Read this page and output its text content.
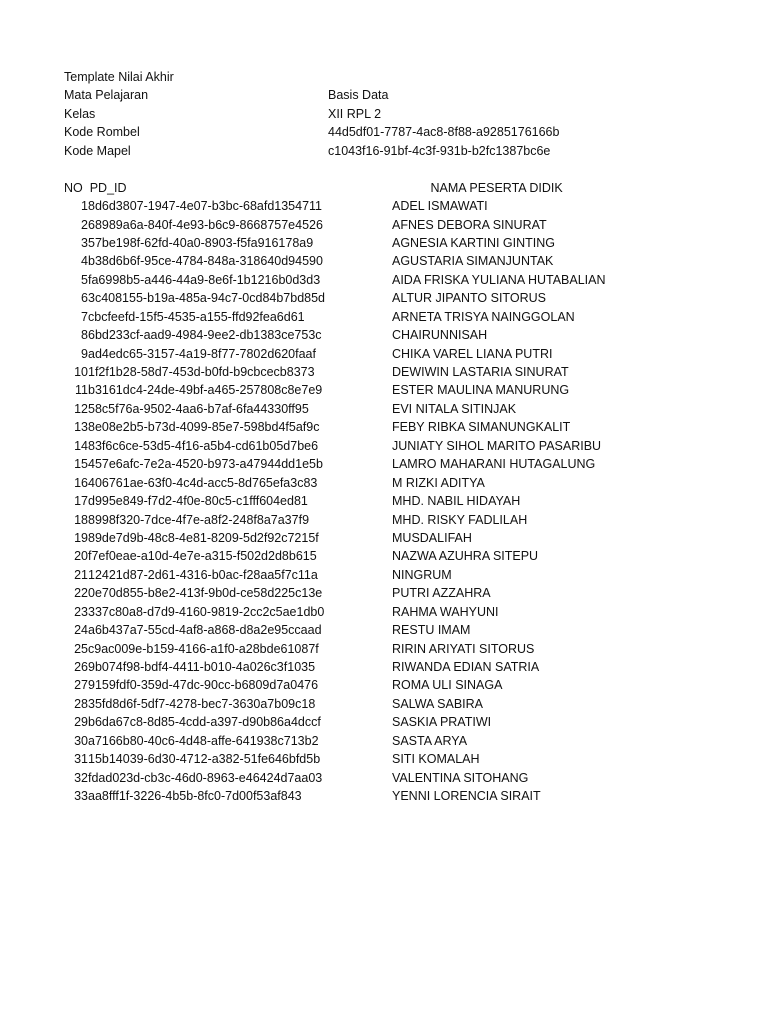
Template Nilai Akhir
Mata Pelajaran	Basis Data
Kelas	XII RPL 2
Kode Rombel	44d5df01-7787-4ac8-8f88-a9285176166b
Kode Mapel	c1043f16-91bf-4c3f-931b-b2fc1387bc6e
NO PD_ID	NAMA PESERTA DIDIK
1 8d6d3807-1947-4e07-b3bc-68afd1354711	ADEL ISMAWATI
2 68989a6a-840f-4e93-b6c9-8668757e4526	AFNES DEBORA SINURAT
3 57be198f-62fd-40a0-8903-f5fa916178a9	AGNESIA KARTINI GINTING
4 b38d6b6f-95ce-4784-848a-318640d94590	AGUSTARIA SIMANJUNTAK
5 fa6998b5-a446-44a9-8e6f-1b1216b0d3d3	AIDA FRISKA YULIANA HUTABALIAN
6 3c408155-b19a-485a-94c7-0cd84b7bd85d	ALTUR JIPANTO SITORUS
7 cbcfeefd-15f5-4535-a155-ffd92fea6d61	ARNETA TRISYA NAINGGOLAN
8 6bd233cf-aad9-4984-9ee2-db1383ce753c	CHAIRUNNISAH
9 ad4edc65-3157-4a19-8f77-7802d620faaf	CHIKA VAREL LIANA PUTRI
10 1f2f1b28-58d7-453d-b0fd-b9cbcecb8373	DEWIWIN LASTARIA SINURAT
11 b3161dc4-24de-49bf-a465-257808c8e7e9	ESTER MAULINA MANURUNG
12 58c5f76a-9502-4aa6-b7af-6fa44330ff95	EVI NITALA SITINJAK
13 8e08e2b5-b73d-4099-85e7-598bd4f5af9c	FEBY RIBKA SIMANUNGKALIT
14 83f6c6ce-53d5-4f16-a5b4-cd61b05d7be6	JUNIATY SIHOL MARITO PASARIBU
15 457e6afc-7e2a-4520-b973-a47944dd1e5b	LAMRO MAHARANI HUTAGALUNG
16 406761ae-63f0-4c4d-acc5-8d765efa3c83	M RIZKI ADITYA
17 d995e849-f7d2-4f0e-80c5-c1fff604ed81	MHD. NABIL HIDAYAH
18 8998f320-7dce-4f7e-a8f2-248f8a7a37f9	MHD. RISKY FADLILAH
19 89de7d9b-48c8-4e81-8209-5d2f92c7215f	MUSDALIFAH
20 f7ef0eae-a10d-4e7e-a315-f502d2d8b615	NAZWA AZUHRA SITEPU
21 12421d87-2d61-4316-b0ac-f28aa5f7c11a	NINGRUM
22 0e70d855-b8e2-413f-9b0d-ce58d225c13e	PUTRI AZZAHRA
23 337c80a8-d7d9-4160-9819-2cc2c5ae1db0	RAHMA WAHYUNI
24 a6b437a7-55cd-4af8-a868-d8a2e95ccaad	RESTU IMAM
25 c9ac009e-b159-4166-a1f0-a28bde61087f	RIRIN ARIYATI SITORUS
26 9b074f98-bdf4-4411-b010-4a026c3f1035	RIWANDA EDIAN SATRIA
27 9159fdf0-359d-47dc-90cc-b6809d7a0476	ROMA ULI SINAGA
28 35fd8d6f-5df7-4278-bec7-3630a7b09c18	SALWA SABIRA
29 b6da67c8-8d85-4cdd-a397-d90b86a4dccf	SASKIA PRATIWI
30 a7166b80-40c6-4d48-affe-641938c713b2	SASTA ARYA
31 15b14039-6d30-4712-a382-51fe646bfd5b	SITI KOMALAH
32 fdad023d-cb3c-46d0-8963-e46424d7aa03	VALENTINA SITOHANG
33 aa8fff1f-3226-4b5b-8fc0-7d00f53af843	YENNI LORENCIA SIRAIT
